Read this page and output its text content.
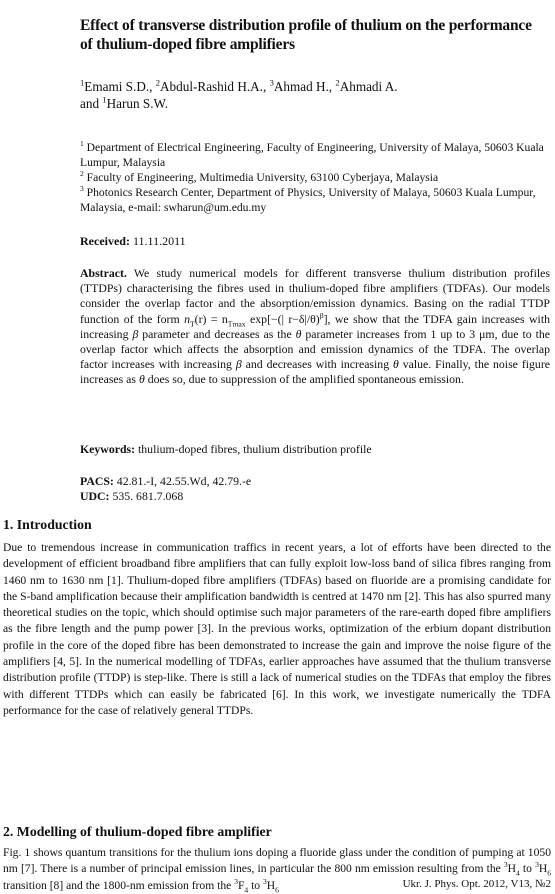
Effect of transverse distribution profile of thulium on the performance of thulium-doped fibre amplifiers
$^1$Emami S.D., $^2$Abdul-Rashid H.A., $^3$Ahmad H., $^2$Ahmadi A.
and $^1$Harun S.W.
$^1$ Department of Electrical Engineering, Faculty of Engineering, University of Malaya, 50603 Kuala Lumpur, Malaysia
$^2$ Faculty of Engineering, Multimedia University, 63100 Cyberjaya, Malaysia
$^3$ Photonics Research Center, Department of Physics, University of Malaya, 50603 Kuala Lumpur, Malaysia, e-mail: swharun@um.edu.my
Received: 11.11.2011
Abstract. We study numerical models for different transverse thulium distribution profiles (TTDPs) characterising the fibres used in thulium-doped fibre amplifiers (TDFAs). Our models consider the overlap factor and the absorption/emission dynamics. Basing on the radial TTDP function of the form $n_T(r) = n_{Tmax}$ exp[−(| r−δ|/θ)$^\beta$], we show that the TDFA gain increases with increasing β parameter and decreases as the θ parameter increases from 1 up to 3 μm, due to the overlap factor which affects the absorption and emission dynamics of the TDFA. The overlap factor increases with increasing β and decreases with increasing θ value. Finally, the noise figure increases as θ does so, due to suppression of the amplified spontaneous emission.
Keywords: thulium-doped fibres, thulium distribution profile
PACS: 42.81.-I, 42.55.Wd, 42.79.-e
UDC: 535. 681.7.068
1. Introduction
Due to tremendous increase in communication traffics in recent years, a lot of efforts have been directed to the development of efficient broadband fibre amplifiers that can fully exploit low-loss band of silica fibres ranging from 1460 nm to 1630 nm [1]. Thulium-doped fibre amplifiers (TDFAs) based on fluoride are a promising candidate for the S-band amplification because their amplification bandwidth is centred at 1470 nm [2]. This has also spurred many theoretical studies on the topic, which should optimise such major parameters of the rare-earth doped fibre amplifiers as the fibre length and the pump power [3]. In the previous works, optimization of the erbium dopant distribution profile in the core of the doped fibre has been demonstrated to increase the gain and improve the noise figure of the amplifiers [4, 5]. In the numerical modelling of TDFAs, earlier approaches have assumed that the thulium transverse distribution profile (TTDP) is step-like. There is still a lack of numerical studies on the TDFAs that employ the fibres with different TTDPs which can easily be fabricated [6]. In this work, we investigate numerically the TDFA performance for the case of relatively general TTDPs.
2. Modelling of thulium-doped fibre amplifier
Fig. 1 shows quantum transitions for the thulium ions doping a fluoride glass under the condition of pumping at 1050 nm [7]. There is a number of principal emission lines, in particular the 800 nm emission resulting from the $^3H_4$ to $^3H_6$ transition [8] and the 1800-nm emission from the $^3F_4$ to $^3H_6$	Ukr. J. Phys. Opt. 2012, V13, №2
